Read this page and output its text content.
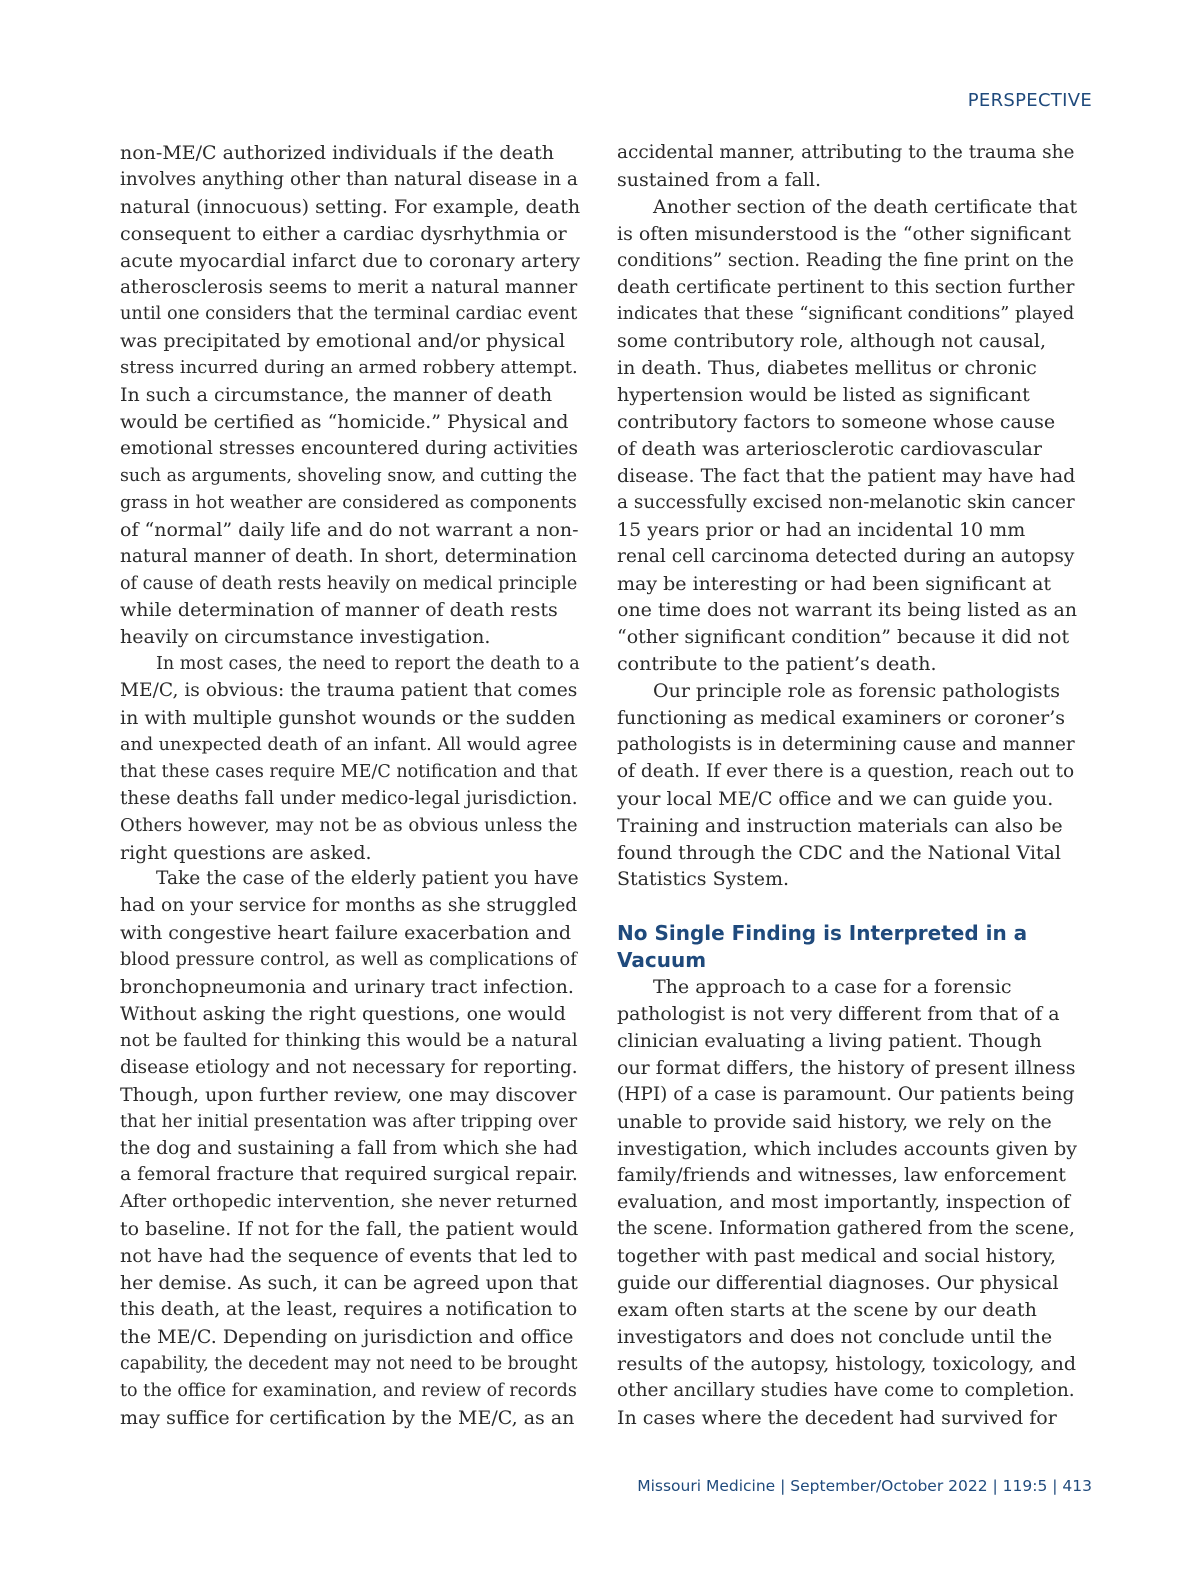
PERSPECTIVE
non-ME/C authorized individuals if the death
involves anything other than natural disease in a
natural (innocuous) setting. For example, death
consequent to either a cardiac dysrhythmia or
acute myocardial infarct due to coronary artery
atherosclerosis seems to merit a natural manner
until one considers that the terminal cardiac event
was precipitated by emotional and/or physical
stress incurred during an armed robbery attempt.
In such a circumstance, the manner of death
would be certified as “homicide.” Physical and
emotional stresses encountered during activities
such as arguments, shoveling snow, and cutting the
grass in hot weather are considered as components
of “normal” daily life and do not warrant a non-
natural manner of death. In short, determination
of cause of death rests heavily on medical principle
while determination of manner of death rests
heavily on circumstance investigation.
In most cases, the need to report the death to a
ME/C, is obvious: the trauma patient that comes
in with multiple gunshot wounds or the sudden
and unexpected death of an infant. All would agree
that these cases require ME/C notification and that
these deaths fall under medico-legal jurisdiction.
Others however, may not be as obvious unless the
right questions are asked.
Take the case of the elderly patient you have
had on your service for months as she struggled
with congestive heart failure exacerbation and
blood pressure control, as well as complications of
bronchopneumonia and urinary tract infection.
Without asking the right questions, one would
not be faulted for thinking this would be a natural
disease etiology and not necessary for reporting.
Though, upon further review, one may discover
that her initial presentation was after tripping over
the dog and sustaining a fall from which she had
a femoral fracture that required surgical repair.
After orthopedic intervention, she never returned
to baseline. If not for the fall, the patient would
not have had the sequence of events that led to
her demise. As such, it can be agreed upon that
this death, at the least, requires a notification to
the ME/C. Depending on jurisdiction and office
capability, the decedent may not need to be brought
to the office for examination, and review of records
may suffice for certification by the ME/C, as an
accidental manner, attributing to the trauma she
sustained from a fall.
Another section of the death certificate that
is often misunderstood is the “other significant
conditions” section. Reading the fine print on the
death certificate pertinent to this section further
indicates that these “significant conditions” played
some contributory role, although not causal,
in death. Thus, diabetes mellitus or chronic
hypertension would be listed as significant
contributory factors to someone whose cause
of death was arteriosclerotic cardiovascular
disease. The fact that the patient may have had
a successfully excised non-melanotic skin cancer
15 years prior or had an incidental 10 mm
renal cell carcinoma detected during an autopsy
may be interesting or had been significant at
one time does not warrant its being listed as an
“other significant condition” because it did not
contribute to the patient’s death.
Our principle role as forensic pathologists
functioning as medical examiners or coroner’s
pathologists is in determining cause and manner
of death. If ever there is a question, reach out to
your local ME/C office and we can guide you.
Training and instruction materials can also be
found through the CDC and the National Vital
Statistics System.
No Single Finding is Interpreted in a
Vacuum
The approach to a case for a forensic
pathologist is not very different from that of a
clinician evaluating a living patient. Though
our format differs, the history of present illness
(HPI) of a case is paramount. Our patients being
unable to provide said history, we rely on the
investigation, which includes accounts given by
family/friends and witnesses, law enforcement
evaluation, and most importantly, inspection of
the scene. Information gathered from the scene,
together with past medical and social history,
guide our differential diagnoses. Our physical
exam often starts at the scene by our death
investigators and does not conclude until the
results of the autopsy, histology, toxicology, and
other ancillary studies have come to completion.
In cases where the decedent had survived for
Missouri Medicine | September/October 2022 | 119:5 | 413
